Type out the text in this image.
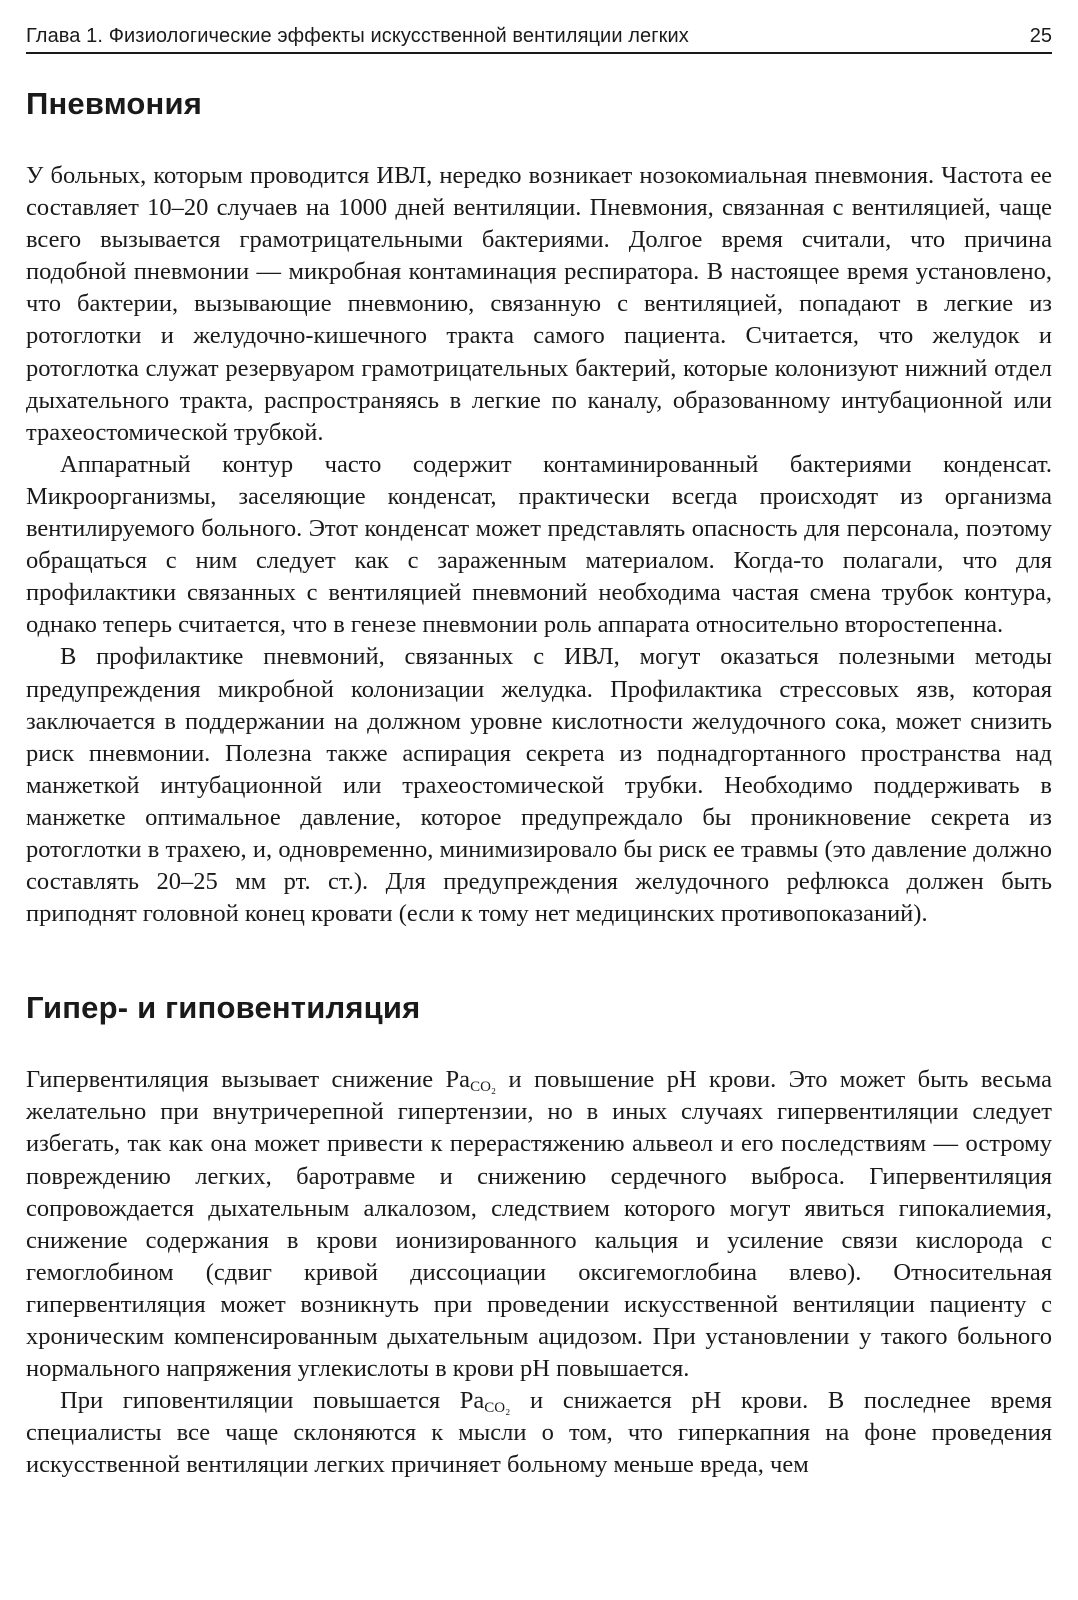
Глава 1. Физиологические эффекты искусственной вентиляции легких	25
Пневмония

У больных, которым проводится ИВЛ, нередко возникает нозокомиальная пневмония. Частота ее составляет 10–20 случаев на 1000 дней вентиляции. Пневмония, связанная с вентиляцией, чаще всего вызывается грамотрицательными бактериями. Долгое время считали, что причина подобной пневмонии — микробная контаминация респиратора. В настоящее время установлено, что бактерии, вызывающие пневмонию, связанную с вентиляцией, попадают в легкие из ротоглотки и желудочно-кишечного тракта самого пациента. Считается, что желудок и ротоглотка служат резервуаром грамотрицательных бактерий, которые колонизуют нижний отдел дыхательного тракта, распространяясь в легкие по каналу, образованному интубационной или трахеостомической трубкой.

Аппаратный контур часто содержит контаминированный бактериями конденсат. Микроорганизмы, заселяющие конденсат, практически всегда происходят из организма вентилируемого больного. Этот конденсат может представлять опасность для персонала, поэтому обращаться с ним следует как с зараженным материалом. Когда-то полагали, что для профилактики связанных с вентиляцией пневмоний необходима частая смена трубок контура, однако теперь считается, что в генезе пневмонии роль аппарата относительно второстепенна.

В профилактике пневмоний, связанных с ИВЛ, могут оказаться полезными методы предупреждения микробной колонизации желудка. Профилактика стрессовых язв, которая заключается в поддержании на должном уровне кислотности желудочного сока, может снизить риск пневмонии. Полезна также аспирация секрета из поднадгортанного пространства над манжеткой интубационной или трахеостомической трубки. Необходимо поддерживать в манжетке оптимальное давление, которое предупреждало бы проникновение секрета из ротоглотки в трахею, и, одновременно, минимизировало бы риск ее травмы (это давление должно составлять 20–25 мм рт. ст.). Для предупреждения желудочного рефлюкса должен быть приподнят головной конец кровати (если к тому нет медицинских противопоказаний).

Гипер- и гиповентиляция

Гипервентиляция вызывает снижение $Pa_{CO_2}$ и повышение pH крови. Это может быть весьма желательно при внутричерепной гипертензии, но в иных случаях гипервентиляции следует избегать, так как она может привести к перерастяжению альвеол и его последствиям — острому повреждению легких, баротравме и снижению сердечного выброса. Гипервентиляция сопровождается дыхательным алкалозом, следствием которого могут явиться гипокалиемия, снижение содержания в крови ионизированного кальция и усиление связи кислорода с гемоглобином (сдвиг кривой диссоциации оксигемоглобина влево). Относительная гипервентиляция может возникнуть при проведении искусственной вентиляции пациенту с хроническим компенсированным дыхательным ацидозом. При установлении у такого больного нормального напряжения углекислоты в крови pH повышается.

При гиповентиляции повышается $Pa_{CO_2}$ и снижается pH крови. В последнее время специалисты все чаще склоняются к мысли о том, что гиперкапния на фоне проведения искусственной вентиляции легких причиняет больному меньше вреда, чем
